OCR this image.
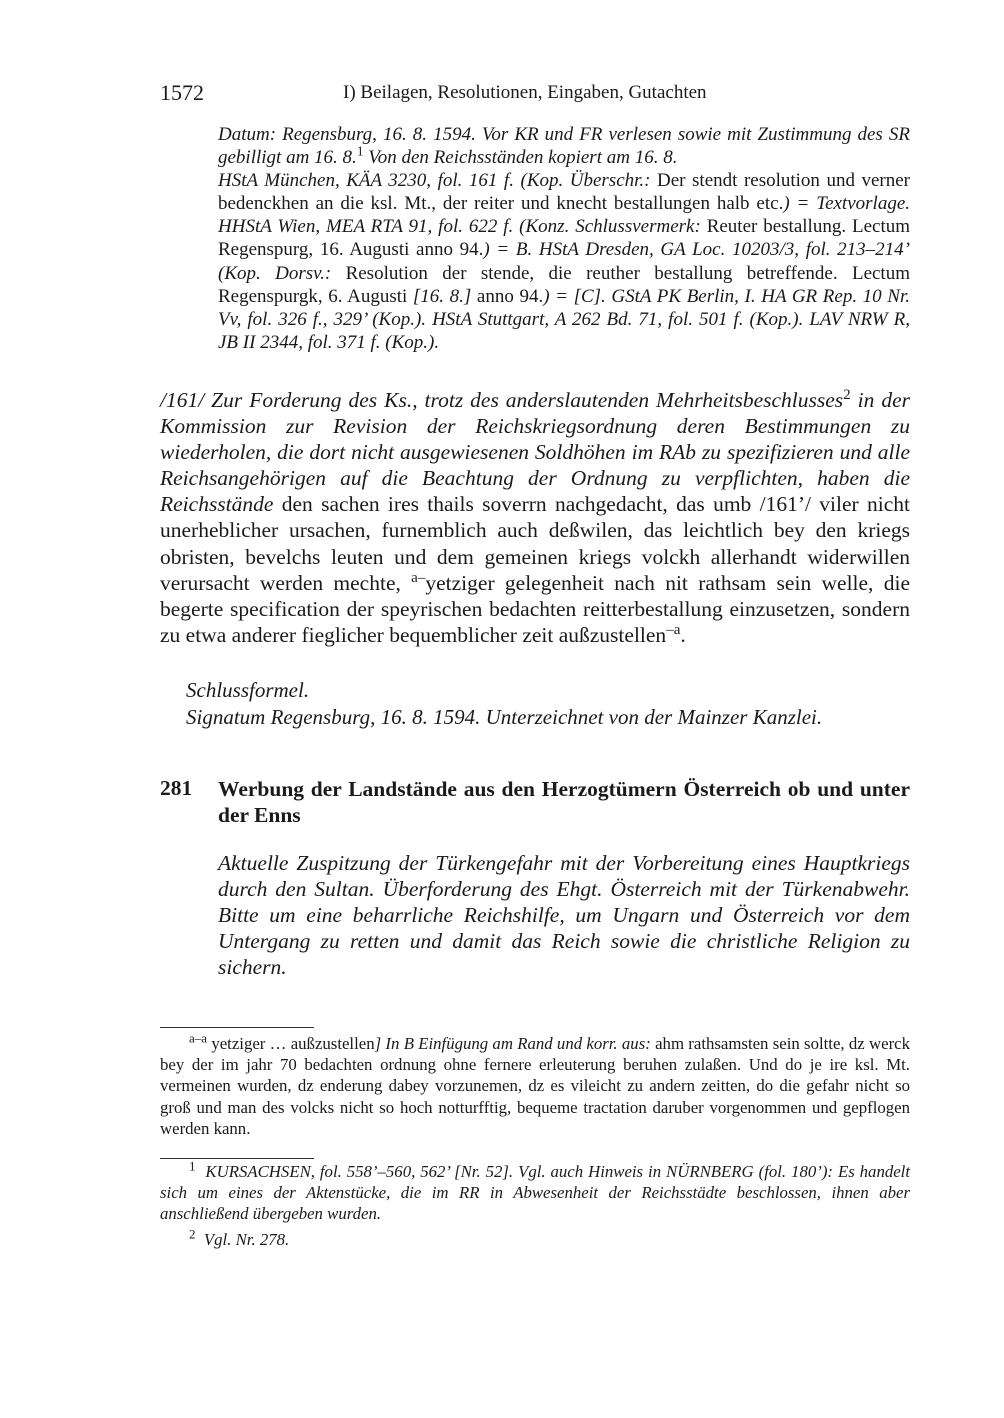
1572	I) Beilagen, Resolutionen, Eingaben, Gutachten

Datum: Regensburg, 16. 8. 1594. Vor KR und FR verlesen sowie mit Zustimmung des SR gebilligt am 16. 8.$^1$ Von den Reichsständen kopiert am 16. 8.

HStA München, KÄA 3230, fol. 161 f. (Kop. Überschr.: Der stendt resolution und verner bedenckhen an die ksl. Mt., der reiter und knecht bestallungen halb etc.) = Textvorlage. HHStA Wien, MEA RTA 91, fol. 622 f. (Konz. Schlussvermerk: Reuter bestallung. Lectum Regenspurg, 16. Augusti anno 94.) = B. HStA Dresden, GA Loc. 10203/3, fol. 213–214’ (Kop. Dorsv.: Resolution der stende, die reuther bestallung betreffende. Lectum Regenspurgk, 6. Augusti [16. 8.] anno 94.) = [C]. GStA PK Berlin, I. HA GR Rep. 10 Nr. Vv, fol. 326 f., 329’ (Kop.). HStA Stuttgart, A 262 Bd. 71, fol. 501 f. (Kop.). LAV NRW R, JB II 2344, fol. 371 f. (Kop.).

/161/ Zur Forderung des Ks., trotz des anderslautenden Mehrheitsbeschlusses$^2$ in der Kommission zur Revision der Reichskriegsordnung deren Bestimmungen zu wiederholen, die dort nicht ausgewiesenen Soldhöhen im RAb zu spezifizieren und alle Reichsangehörigen auf die Beachtung der Ordnung zu verpflichten, haben die Reichsstände den sachen ires thails soverrn nachgedacht, das umb /161’/ viler nicht unerheblicher ursachen, furnemblich auch deßwilen, das leichtlich bey den kriegs obristen, bevelchs leuten und dem gemeinen kriegs volckh allerhandt widerwillen verursacht werden mechte, $^{a-}$yetziger gelegenheit nach nit rathsam sein welle, die begerte specification der speyrischen bedachten reitterbestallung einzusetzen, sondern zu etwa anderer fieglicher bequemblicher zeit außzustellen$^{-a}$.

Schlussformel.
Signatum Regensburg, 16. 8. 1594. Unterzeichnet von der Mainzer Kanzlei.
281 Werbung der Landstände aus den Herzogtümern Österreich ob und unter der Enns

Aktuelle Zuspitzung der Türkengefahr mit der Vorbereitung eines Hauptkriegs durch den Sultan. Überforderung des Ehgt. Österreich mit der Türkenabwehr. Bitte um eine beharrliche Reichshilfe, um Ungarn und Österreich vor dem Untergang zu retten und damit das Reich sowie die christliche Religion zu sichern.

$^{a-a}$ yetziger … außzustellen] In B Einfügung am Rand und korr. aus: ahm rathsamsten sein soltte, dz werck bey der im jahr 70 bedachten ordnung ohne fernere erleuterung beruhen zulaßen. Und do je ire ksl. Mt. vermeinen wurden, dz enderung dabey vorzunemen, dz es vileicht zu andern zeitten, do die gefahr nicht so groß und man des volcks nicht so hoch notturfftig, bequeme tractation daruber vorgenommen und gepflogen werden kann.

$^1$ KURSACHSEN, fol. 558’–560, 562’ [Nr. 52]. Vgl. auch Hinweis in NÜRNBERG (fol. 180’): Es handelt sich um eines der Aktenstücke, die im RR in Abwesenheit der Reichsstädte beschlossen, ihnen aber anschließend übergeben wurden.

$^2$ Vgl. Nr. 278.
